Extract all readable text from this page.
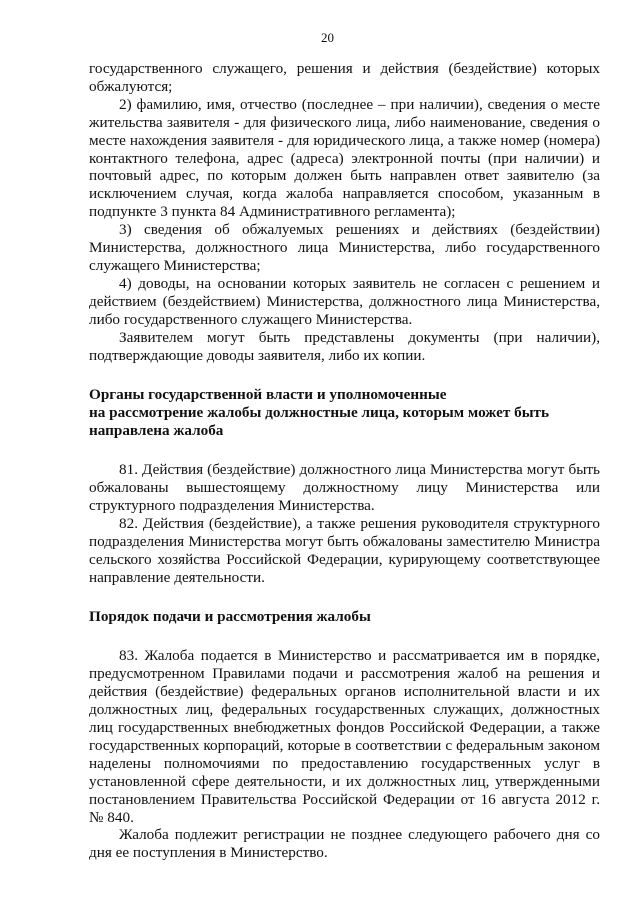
20

государственного служащего, решения и действия (бездействие) которых обжалуются;

2) фамилию, имя, отчество (последнее – при наличии), сведения о месте жительства заявителя - для физического лица, либо наименование, сведения о месте нахождения заявителя - для юридического лица, а также номер (номера) контактного телефона, адрес (адреса) электронной почты (при наличии) и почтовый адрес, по которым должен быть направлен ответ заявителю (за исключением случая, когда жалоба направляется способом, указанным в подпункте 3 пункта 84 Административного регламента);

3) сведения об обжалуемых решениях и действиях (бездействии) Министерства, должностного лица Министерства, либо государственного служащего Министерства;

4) доводы, на основании которых заявитель не согласен с решением и действием (бездействием) Министерства, должностного лица Министерства, либо государственного служащего Министерства.

Заявителем могут быть представлены документы (при наличии), подтверждающие доводы заявителя, либо их копии.

Органы государственной власти и уполномоченные

на рассмотрение жалобы должностные лица, которым может быть

направлена жалоба

81. Действия (бездействие) должностного лица Министерства могут быть обжалованы вышестоящему должностному лицу Министерства или структурного подразделения Министерства.

82. Действия (бездействие), а также решения руководителя структурного подразделения Министерства могут быть обжалованы заместителю Министра сельского хозяйства Российской Федерации, курирующему соответствующее направление деятельности.

Порядок подачи и рассмотрения жалобы

83. Жалоба подается в Министерство и рассматривается им в порядке, предусмотренном Правилами подачи и рассмотрения жалоб на решения и действия (бездействие) федеральных органов исполнительной власти и их должностных лиц, федеральных государственных служащих, должностных лиц государственных внебюджетных фондов Российской Федерации, а также государственных корпораций, которые в соответствии с федеральным законом наделены полномочиями по предоставлению государственных услуг в установленной сфере деятельности, и их должностных лиц, утвержденными постановлением Правительства Российской Федерации от 16 августа 2012 г. № 840.

Жалоба подлежит регистрации не позднее следующего рабочего дня со дня ее поступления в Министерство.
